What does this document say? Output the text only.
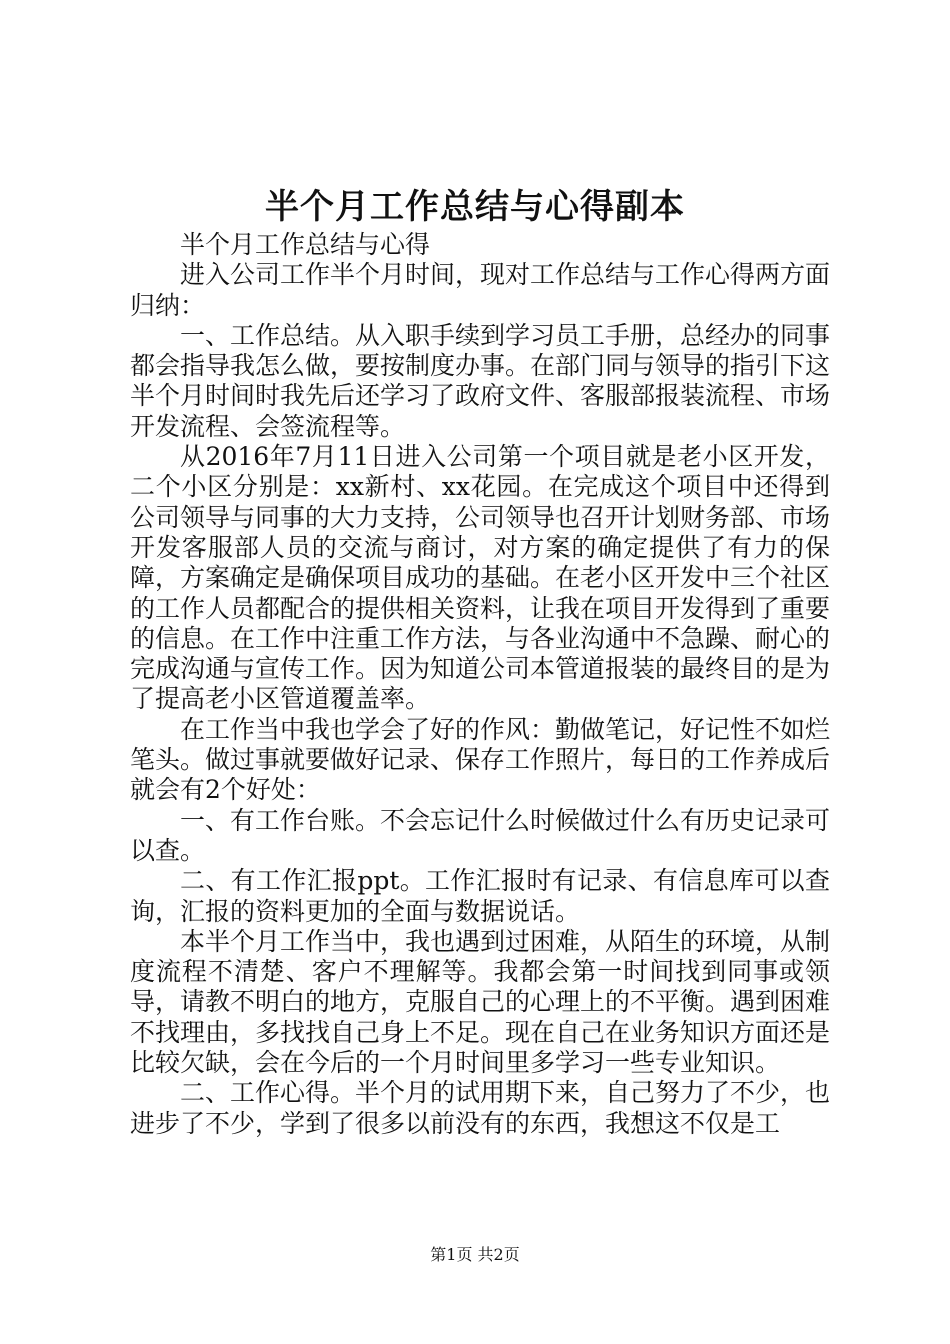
半个月工作总结与心得副本

半个月工作总结与心得

进入公司工作半个月时间，现对工作总结与工作心得两方面归纳：

一、工作总结。从入职手续到学习员工手册，总经办的同事都会指导我怎么做，要按制度办事。在部门同与领导的指引下这半个月时间时我先后还学习了政府文件、客服部报装流程、市场开发流程、会签流程等。

从2016年7月11日进入公司第一个项目就是老小区开发，二个小区分别是：xx新村、xx花园。在完成这个项目中还得到公司领导与同事的大力支持，公司领导也召开计划财务部、市场开发客服部人员的交流与商讨，对方案的确定提供了有力的保障，方案确定是确保项目成功的基础。在老小区开发中三个社区的工作人员都配合的提供相关资料，让我在项目开发得到了重要的信息。在工作中注重工作方法，与各业沟通中不急躁、耐心的完成沟通与宣传工作。因为知道公司本管道报装的最终目的是为了提高老小区管道覆盖率。

在工作当中我也学会了好的作风：勤做笔记，好记性不如烂笔头。做过事就要做好记录、保存工作照片，每日的工作养成后就会有2个好处：

一、有工作台账。不会忘记什么时候做过什么有历史记录可以查。

二、有工作汇报ppt。工作汇报时有记录、有信息库可以查询，汇报的资料更加的全面与数据说话。

本半个月工作当中，我也遇到过困难，从陌生的环境，从制度流程不清楚、客户不理解等。我都会第一时间找到同事或领导，请教不明白的地方，克服自己的心理上的不平衡。遇到困难不找理由，多找找自己身上不足。现在自己在业务知识方面还是比较欠缺，会在今后的一个月时间里多学习一些专业知识。

二、工作心得。半个月的试用期下来，自己努力了不少，也进步了不少，学到了很多以前没有的东西，我想这不仅是工

第1页 共2页
